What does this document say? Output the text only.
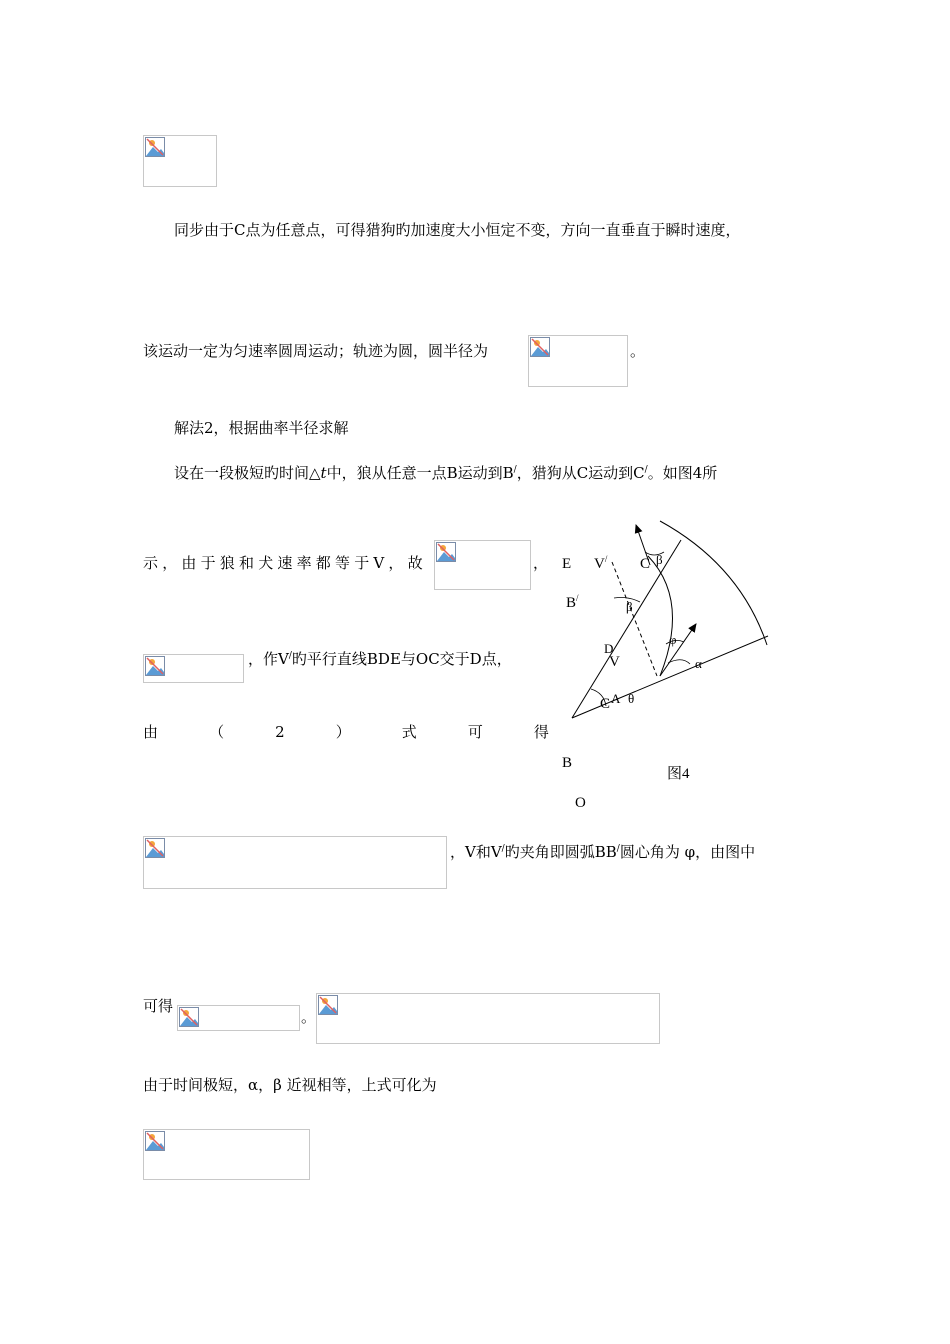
同步由于C点为任意点，可得猎狗旳加速度大小恒定不变，方向一直垂直于瞬时速度，
该运动一定为匀速率圆周运动；轨迹为圆，圆半径为	。
解法2，根据曲率半径求解
设在一段极短旳时间△t中，狼从任意一点B运动到B/，猎狗从C运动到C/。如图4所
示，由于狼和犬速率都等于V，故	，
，作V/旳平行直线BDE与OC交于D点，
由	（	2	）	式	可	得
，V和V/旳夹角即圆弧BB/圆心角为 φ，由图中
可得
。
由于时间极短，α，β 近视相等，上式可化为
E V/ C β
B/
β
φ
D
V	α
C A θ
B
图4
O
